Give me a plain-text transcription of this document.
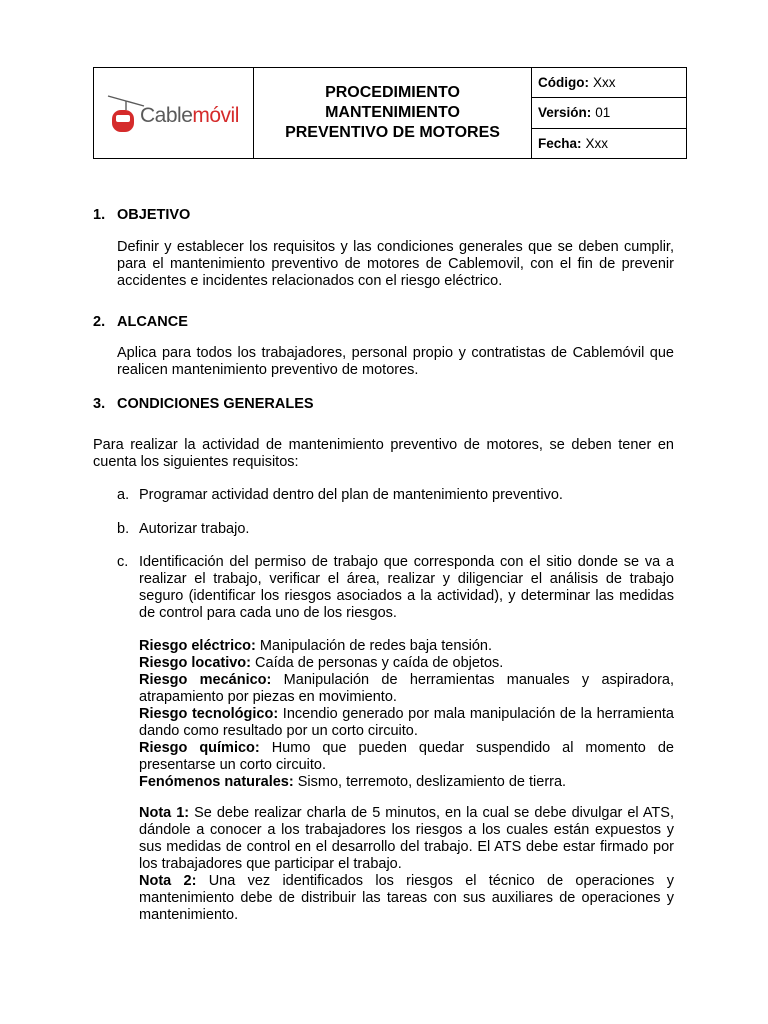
Cablemóvil
PROCEDIMIENTO
MANTENIMIENTO
PREVENTIVO DE MOTORES
Código: Xxx
Versión: 01
Fecha: Xxx
1. OBJETIVO
Definir y establecer los requisitos y las condiciones generales que se deben cumplir, para el mantenimiento preventivo de motores de Cablemovil, con el fin de prevenir accidentes e incidentes relacionados con el riesgo eléctrico.
2. ALCANCE
Aplica para todos los trabajadores, personal propio y contratistas de Cablemóvil que realicen mantenimiento preventivo de motores.
3. CONDICIONES GENERALES
Para realizar la actividad de mantenimiento preventivo de motores, se deben tener en cuenta los siguientes requisitos:
a. Programar actividad dentro del plan de mantenimiento preventivo.
b. Autorizar trabajo.
c. Identificación del permiso de trabajo que corresponda con el sitio donde se va a realizar el trabajo, verificar el área, realizar y diligenciar el análisis de trabajo seguro (identificar los riesgos asociados a la actividad), y determinar las medidas de control para cada uno de los riesgos.
Riesgo eléctrico: Manipulación de redes baja tensión.
Riesgo locativo: Caída de personas y caída de objetos.
Riesgo mecánico: Manipulación de herramientas manuales y aspiradora, atrapamiento por piezas en movimiento.
Riesgo tecnológico: Incendio generado por mala manipulación de la herramienta dando como resultado por un corto circuito.
Riesgo químico: Humo que pueden quedar suspendido al momento de presentarse un corto circuito.
Fenómenos naturales: Sismo, terremoto, deslizamiento de tierra.
Nota 1: Se debe realizar charla de 5 minutos, en la cual se debe divulgar el ATS, dándole a conocer a los trabajadores los riesgos a los cuales están expuestos y sus medidas de control en el desarrollo del trabajo. El ATS debe estar firmado por los trabajadores que participar el trabajo.
Nota 2: Una vez identificados los riesgos el técnico de operaciones y mantenimiento debe de distribuir las tareas con sus auxiliares de operaciones y mantenimiento.
